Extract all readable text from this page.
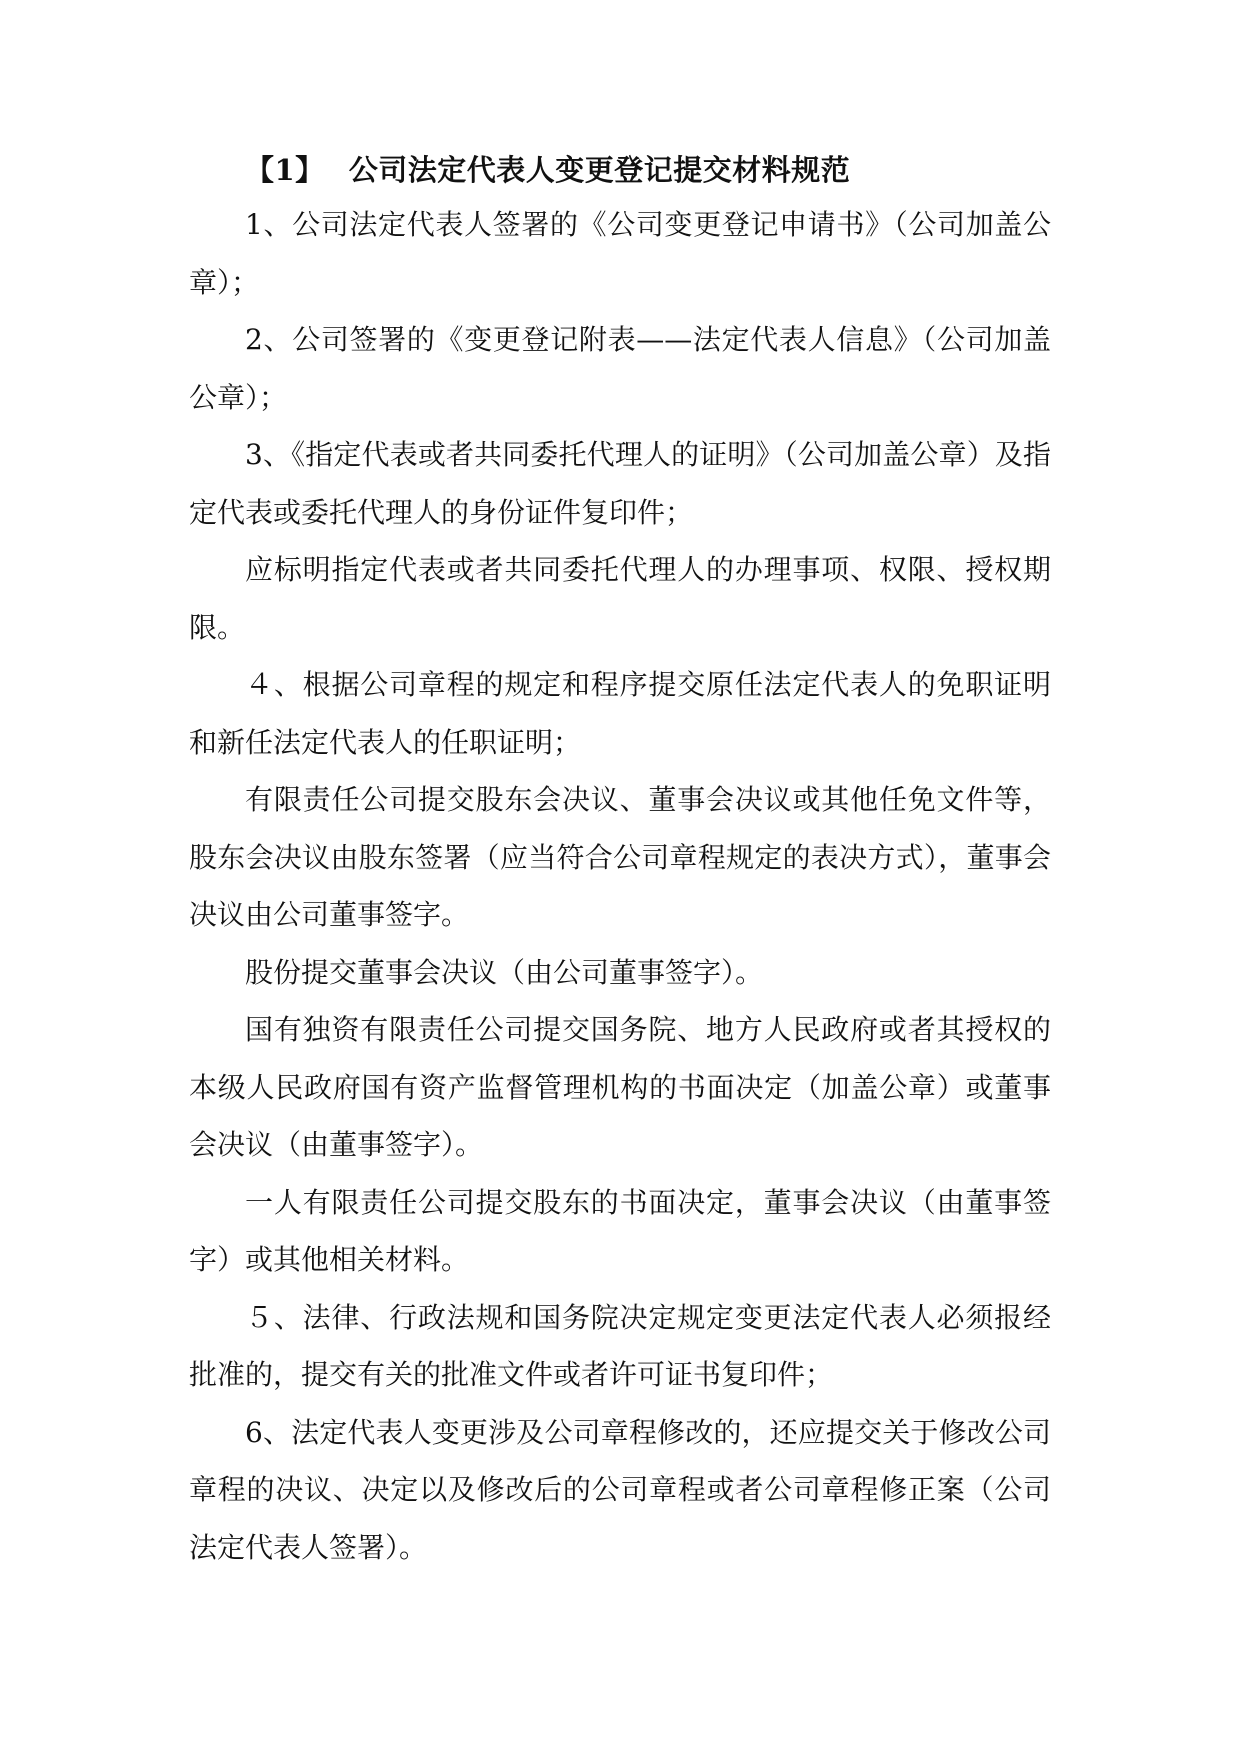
【1】 公司法定代表人变更登记提交材料规范

1、公司法定代表人签署的《公司变更登记申请书》（公司加盖公章）；

2、公司签署的《变更登记附表——法定代表人信息》（公司加盖公章）；

3、《指定代表或者共同委托代理人的证明》（公司加盖公章）及指定代表或委托代理人的身份证件复印件；

应标明指定代表或者共同委托代理人的办理事项、权限、授权期限。

４、根据公司章程的规定和程序提交原任法定代表人的免职证明和新任法定代表人的任职证明；

有限责任公司提交股东会决议、董事会决议或其他任免文件等，股东会决议由股东签署（应当符合公司章程规定的表决方式），董事会决议由公司董事签字。

股份提交董事会决议（由公司董事签字）。

国有独资有限责任公司提交国务院、地方人民政府或者其授权的本级人民政府国有资产监督管理机构的书面决定（加盖公章）或董事会决议（由董事签字）。

一人有限责任公司提交股东的书面决定，董事会决议（由董事签字）或其他相关材料。

５、法律、行政法规和国务院决定规定变更法定代表人必须报经批准的，提交有关的批准文件或者许可证书复印件；

6、法定代表人变更涉及公司章程修改的，还应提交关于修改公司章程的决议、决定以及修改后的公司章程或者公司章程修正案（公司法定代表人签署）。
